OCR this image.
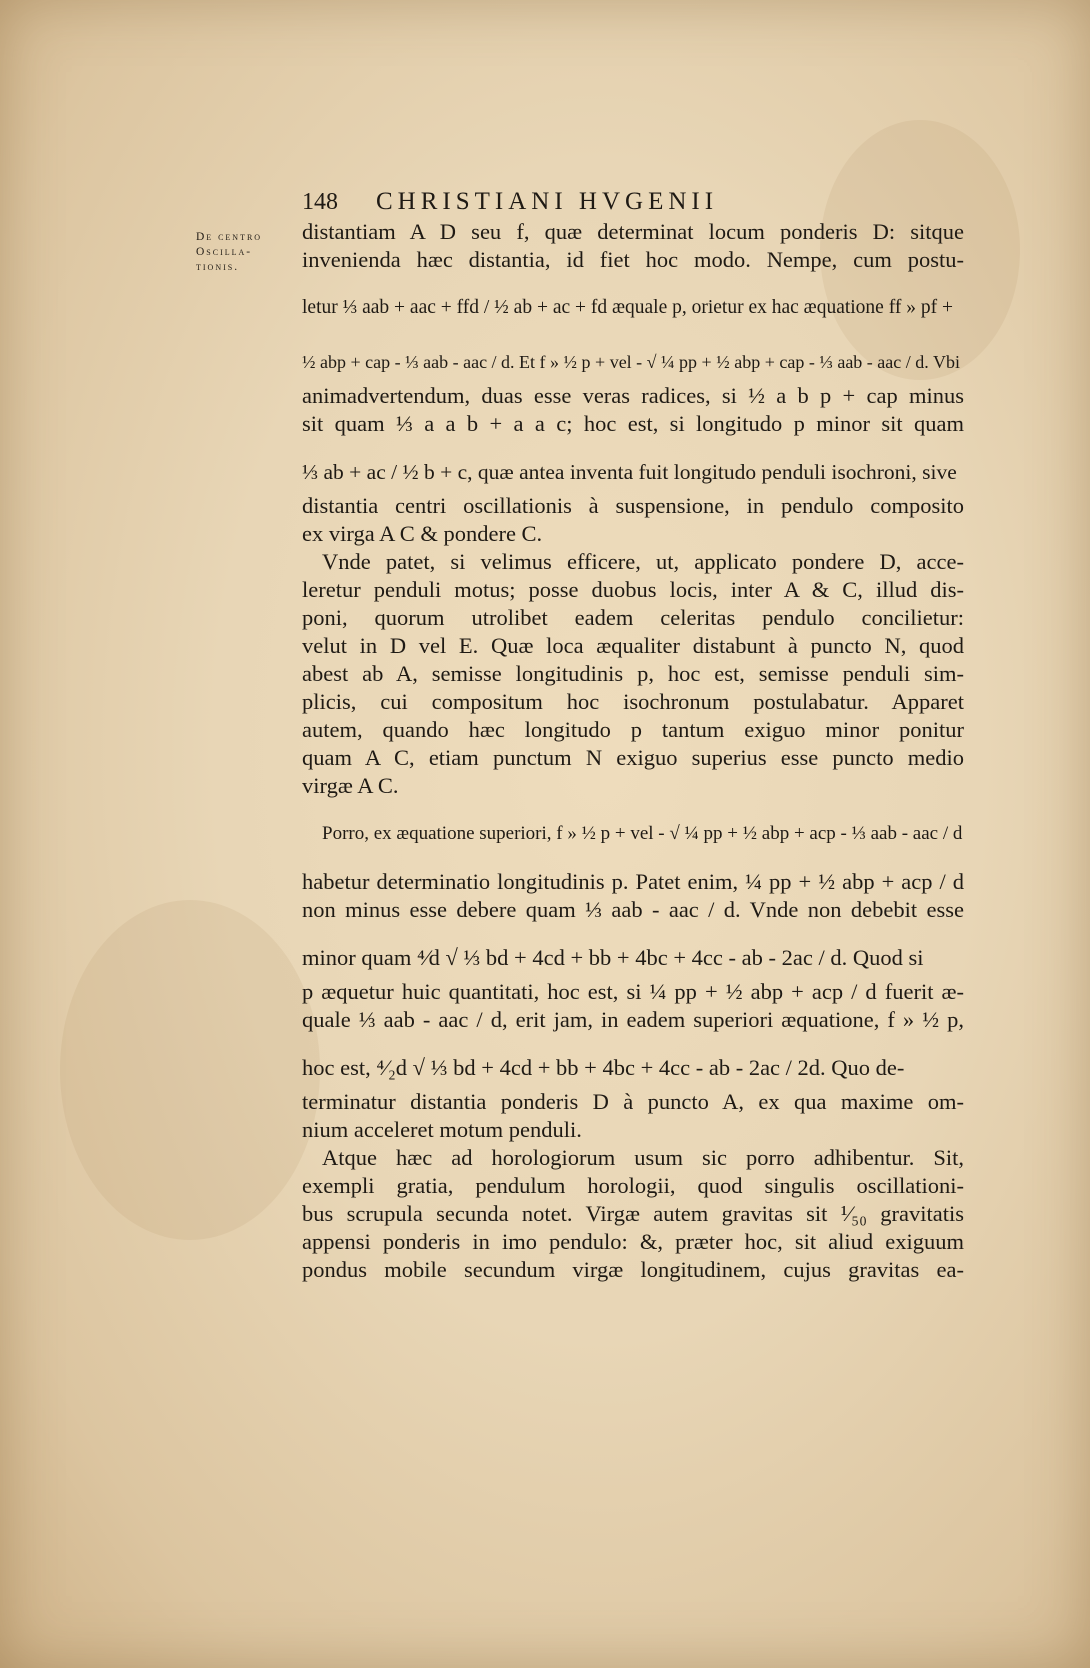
148 CHRISTIANI HVGENII
De centro
Oscilla-
tionis.
distantiam A D seu f, quæ determinat locum ponderis D: sitque
invenienda hæc distantia, id fiet hoc modo. Nempe, cum postu-
letur ⅓ aab + aac + ffd / ½ ab + ac + fd æquale p, orietur ex hac æquatione ff » pf +
½ abp + cap - ⅓ aab - aac / d. Et f » ½ p + vel - √ ¼ pp + ½ abp + cap - ⅓ aab - aac / d. Vbi
animadvertendum, duas esse veras radices, si ½ a b p + cap minus
sit quam ⅓ a a b + a a c; hoc est, si longitudo p minor sit quam
⅓ ab + ac / ½ b + c, quæ antea inventa fuit longitudo penduli isochroni, sive
distantia centri oscillationis à suspensione, in pendulo composito
ex virga A C & pondere C.
Vnde patet, si velimus efficere, ut, applicato pondere D, acce-
leretur penduli motus; posse duobus locis, inter A & C, illud dis-
poni, quorum utrolibet eadem celeritas pendulo concilietur:
velut in D vel E. Quæ loca æqualiter distabunt à puncto N, quod
abest ab A, semisse longitudinis p, hoc est, semisse penduli sim-
plicis, cui compositum hoc isochronum postulabatur. Apparet
autem, quando hæc longitudo p tantum exiguo minor ponitur
quam A C, etiam punctum N exiguo superius esse puncto medio
virgæ A C.
Porro, ex æquatione superiori, f » ½ p + vel - √ ¼ pp + ½ abp + acp - ⅓ aab - aac / d
habetur determinatio longitudinis p. Patet enim, ¼ pp + ½ abp + acp / d
non minus esse debere quam ⅓ aab - aac / d. Vnde non debebit esse
minor quam ⁴⁄d √ ⅓ bd + 4cd + bb + 4bc + 4cc - ab - 2ac / d. Quod si
p æquetur huic quantitati, hoc est, si ¼ pp + ½ abp + acp / d fuerit æ-
quale ⅓ aab - aac / d, erit jam, in eadem superiori æquatione, f » ½ p,
hoc est, ⁴⁄₂d √ ⅓ bd + 4cd + bb + 4bc + 4cc - ab - 2ac / 2d. Quo de-
terminatur distantia ponderis D à puncto A, ex qua maxime om-
nium acceleret motum penduli.
Atque hæc ad horologiorum usum sic porro adhibentur. Sit,
exempli gratia, pendulum horologii, quod singulis oscillationi-
bus scrupula secunda notet. Virgæ autem gravitas sit ¹⁄₅₀ gravitatis
appensi ponderis in imo pendulo: &, præter hoc, sit aliud exiguum
pondus mobile secundum virgæ longitudinem, cujus gravitas ea-
